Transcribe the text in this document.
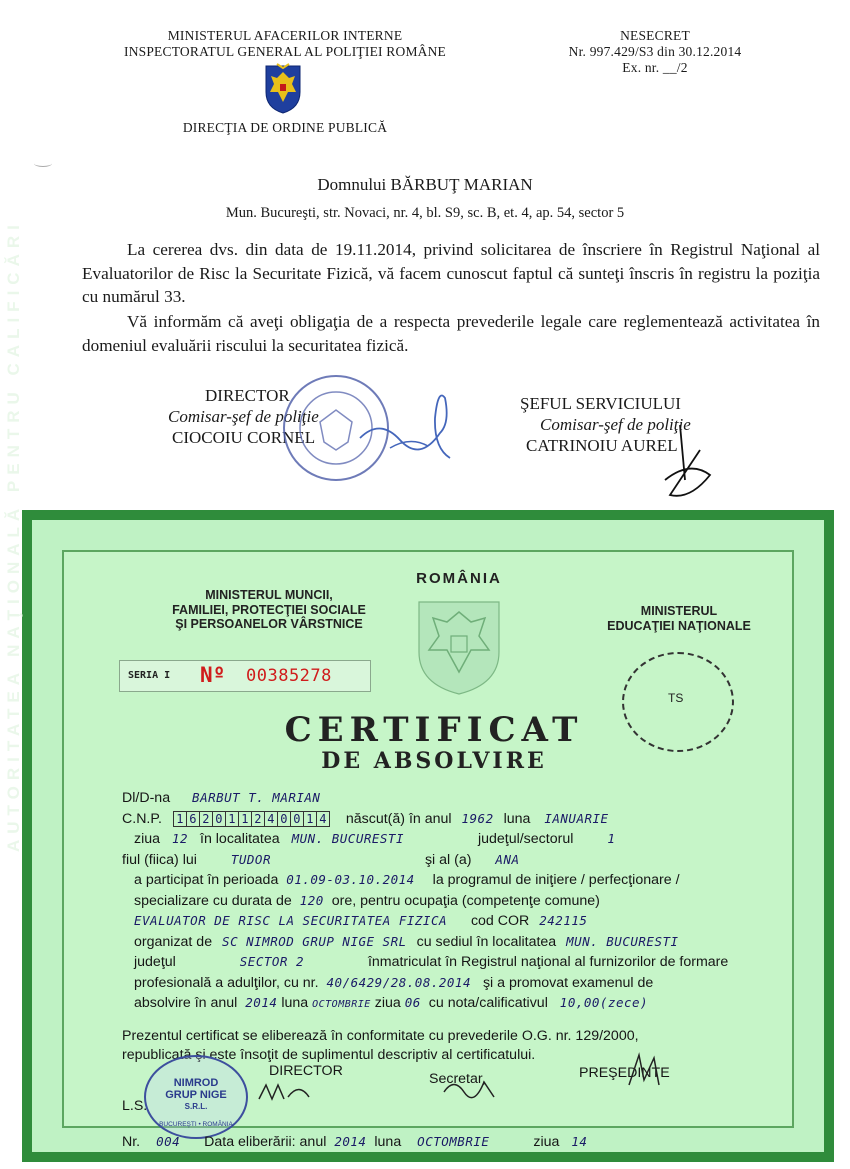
MINISTERUL AFACERILOR INTERNE
INSPECTORATUL GENERAL AL POLIŢIEI ROMÂNE
NESECRET
Nr. 997.429/S3 din 30.12.2014
Ex. nr. __/2
DIRECŢIA DE ORDINE PUBLICĂ
Domnului BĂRBUŢ MARIAN
Mun. Bucureşti, str. Novaci, nr. 4, bl. S9, sc. B, et. 4, ap. 54, sector 5
La cererea dvs. din data de 19.11.2014, privind solicitarea de înscriere în Registrul Naţional al Evaluatorilor de Risc la Securitate Fizică, vă facem cunoscut faptul că sunteţi înscris în registru la poziţia cu numărul 33.
Vă informăm că aveţi obligaţia de a respecta prevederile legale care reglementează activitatea în domeniul evaluării riscului la securitatea fizică.
DIRECTOR
Comisar-şef de poliţie
CIOCOIU CORNEL
ŞEFUL SERVICIULUI
Comisar-şef de poliţie
CATRINOIU AUREL
AUTORITATEA NAŢIONALĂ PENTRU CALIFICĂRI	MINISTERUL MUNCII,
FAMILIEI, PROTECŢIEI SOCIALE
ŞI PERSOANELOR VÂRSTNICE
ROMÂNIA
MINISTERUL
EDUCAŢIEI NAŢIONALE
SERIA I Nº 00385278
TS
CERTIFICAT
DE ABSOLVIRE
Dl/D-na BARBUT T. MARIAN
C.N.P. 1 6 2 0 1 1 2 4 0 0 1 4 născut(ă) în anul 1962 luna IANUARIE
ziua 12 în localitatea MUN. BUCURESTI	judeţul/sectorul	1
fiul (fiica) lui	TUDOR	şi al (a) ANA
a participat în perioada 01.09-03.10.2014 la programul de iniţiere / perfecţionare /
specializare cu durata de 120 ore, pentru ocupaţia (competenţe comune)
EVALUATOR DE RISC LA SECURITATEA FIZICA cod COR 242115
organizat de SC NIMROD GRUP NIGE SRL cu sediul în localitatea MUN. BUCURESTI
judeţul	SECTOR 2	înmatriculat în Registrul naţional al furnizorilor de formare
profesională a adulţilor, cu nr. 40/6429/28.08.2014 şi a promovat examenul de
absolvire în anul 2014 luna OCTOMBRIE ziua 06 cu nota/calificativul 10,00(zece)
Prezentul certificat se eliberează în conformitate cu prevederile O.G. nr. 129/2000,
republicată şi este însoţit de suplimentul descriptiv al certificatului.
L.S.
NIMROD
GRUP NIGE
S.R.L.
BUCUREŞTI • ROMÂNIA
DIRECTOR	Secretar,	PREŞEDINTE
Nr. 004 Data eliberării: anul 2014 luna OCTOMBRIE	ziua 14
